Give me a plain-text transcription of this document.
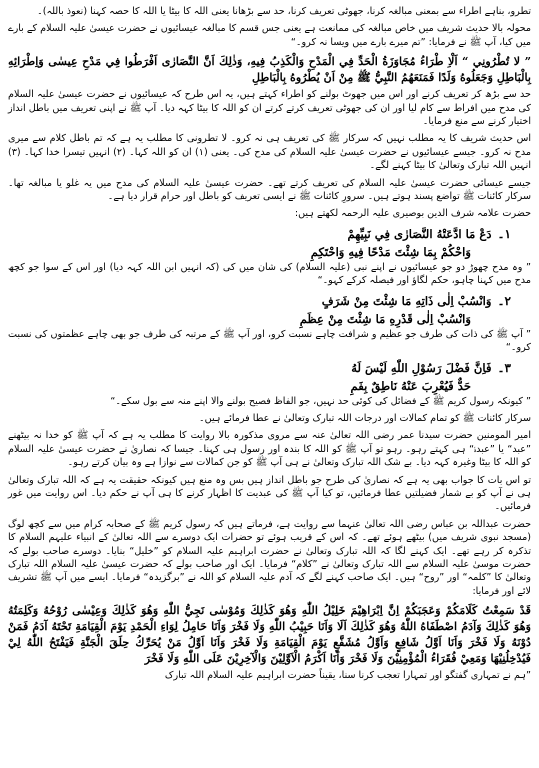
تطرو، بناہے اطراء سے بمعنی مبالغہ کرنا، جھوٹی تعریف کرنا، حد سے بڑھانا یعنی اللہ کا بیٹا یا اللہ کا حصہ کہنا (نعوذ باللہ)۔

محولہ بالا حدیث شریف میں خاص مبالغہ کی ممانعت ہے یعنی جس قسم کا مبالغہ عیسائیوں نے حضرت عیسیٰ علیہ السلام کے بارے میں کیا، آپ ﷺ نے فرمایا: ”تم میرے بارے میں ویسا نہ کرو۔“

” لا تُطْرُونِي “ اَلْاِ طْرَاءُ مُجَاوَزَةُ الْحَدِّ فِي الْمَدْحِ وَالْكَذِبُ فِيهِ، وَذٰلِكَ اَنَّ النَّصَارٰى اَفْرَطُوا فِي مَدْحِ عِيسٰى وَاِطْرَائِهِ بِالْبَاطِلِ وَجَعَلُوهُ وَلَدًا فَمَنَعَهُمُ النَّبِيُّ ﷺ مِنْ اَنْ يُطْرُوهُ بِالْبَاطِلِ

حد سے بڑھ کر تعریف کرنے اور اس میں جھوٹ بولنے کو اطراء کہتے ہیں، یہ اس طرح کہ عیسائیوں نے حضرت عیسیٰ علیہ السلام کی مدح میں افراط سے کام لیا اور ان کی جھوٹی تعریف کرتے کرتے ان کو اللہ کا بیٹا کہہ دیا۔ آپ ﷺ نے اپنی تعریف میں باطل انداز اختیار کرنے سے منع فرمایا۔

اس حدیث شریف کا یہ مطلب نہیں کہ سرکار ﷺ کی تعریف ہی نہ کرو۔ لا تطرونی کا مطلب یہ ہے کہ تم باطل کلام سے میری مدح نہ کرو۔ جیسے عیسائیوں نے حضرت عیسیٰ علیہ السلام کی مدح کی۔ یعنی (۱) ان کو اللہ کہا۔ (۲) انہیں تیسرا خدا کہا۔ (۳) انہیں اللہ تبارک وتعالیٰ کا بیٹا کہنے لگے۔

جیسے عیسائی حضرت عیسیٰ علیہ السلام کی تعریف کرتے تھے۔ حضرت عیسیٰ علیہ السلام کی مدح میں یہ غلو یا مبالغہ تھا۔ سرکار کائنات ﷺ تواضع پسند ہوتے ہیں۔ سرورِ کائنات ﷺ نے ایسی تعریف کو باطل اور حرام قرار دیا ہے۔

حضرت علامہ شرف الدین بوصیری علیہ الرحمہ لکھتے ہیں:

۱۔دَعْ مَا ادَّعَتْهُ النَّصَارٰى فِي نَبِيِّهِمْ

وَاحْكُمْ بِمَا شِئْتَ مَدْحًا فِيهِ وَاحْتَكِمِ

” وہ مدح چھوڑ دو جو عیسائیوں نے اپنے نبی (علیہ السلام) کی شان میں کی (کہ انہیں ابن اللہ کہہ دیا) اور اس کے سوا جو کچھ مدح میں کہنا چاہو، حکم لگاؤ اور فیصلہ کرکے کہو۔“

۲۔وَانْسُبْ اِلٰى ذَاتِهِ مَا شِئْتَ مِنْ شَرَفٍ

وَانْسُبْ اِلٰى قَدْرِهِ مَا شِئْتَ مِنْ عِظَمِ

” آپ ﷺ کی ذات کی طرف جو عظیم و شرافت چاہے نسبت کرو، اور آپ ﷺ کے مرتبہ کی طرف جو بھی چاہے عظمتوں کی نسبت کرو۔“

۳۔فَاِنَّ فَضْلَ رَسُوْلِ اللّٰهِ لَيْسَ لَهُ

حَدٌّ فَيُعْرِبَ عَنْهُ نَاطِقٌ بِفَمِ

” کیونکہ رسول کریم ﷺ کے فضائل کی کوئی حد نہیں، جو الفاظ فصیح بولنے والا اپنے منہ سے بول سکے۔“

سرکار کائنات ﷺ کو تمام کمالات اور درجات اللہ تبارک وتعالیٰ نے عطا فرمائے ہیں۔

امیر المومنین حضرت سیدنا عمر رضی اللہ تعالیٰ عنہ سے مروی مذکورہ بالا روایت کا مطلب یہ ہے کہ آپ ﷺ کو خدا نہ بیٹھنے ”عبد“ یا ”عبدہٗ“ ہی کہتے رہو۔ رہو تو آپ ﷺ کو اللہ کا بندہ اور رسول ہی کہنا۔ جیسا کہ نصاریٰ نے حضرت عیسیٰ علیہ السلام کو اللہ کا بیٹا وغیرہ کہہ دیا۔ بے شک اللہ تبارک وتعالیٰ نے ہی آپ ﷺ کو جن کمالات سے نوازا ہے وہ بیان کرتے رہو۔

تو اس بات کا جواب بھی یہ ہے کہ نصاریٰ کی طرح جو باطل انداز ہیں بس وہ منع ہیں کیونکہ حقیقت یہ ہے کہ اللہ تبارک وتعالیٰ ہی نے آپ کو بے شمار فضیلتیں عطا فرمائیں، تو کیا آپ ﷺ کی عبدیت کا اظہار کرنے کا ہی آپ نے حکم دیا۔ اس روایت میں غور فرمائیں۔

حضرت عبداللہ بن عباس رضی اللہ تعالیٰ عنہما سے روایت ہے، فرماتے ہیں کہ رسول کریم ﷺ کے صحابہ کرام میں سے کچھ لوگ (مسجد نبوی شریف میں) بیٹھے ہوئے تھے۔ کہ اس کے قریب ہوئے تو حضرات ایک دوسرے سے اللہ تعالیٰ کے انبیاء علیہم السلام کا تذکرہ کر رہے تھے۔ ایک کہنے لگا کہ اللہ تبارک وتعالیٰ نے حضرت ابراہیم علیہ السلام کو ”خلیل“ بنایا۔ دوسرے صاحب بولے کہ حضرت موسیٰ علیہ السلام سے اللہ تبارک وتعالیٰ نے ”کلام“ فرمایا۔ ایک اور صاحب بولے کہ حضرت عیسیٰ علیہ السلام اللہ تبارک وتعالیٰ کا ”کلمہ“ اور ”روح“ ہیں۔ ایک صاحب کہنے لگے کہ آدم علیہ السلام کو اللہ نے ”برگزیدہ“ فرمایا۔ ایسے میں آپ ﷺ تشریف لائے اور فرمایا:

قَدْ سَمِعْتُ كَلَامَكُمْ وَعَجَبَكُمْ اِنَّ اِبْرَاهِيْمَ خَلِيْلُ اللّٰهِ وَهُوَ كَذٰلِكَ وَمُوْسٰى نَجِيُّ اللّٰهِ وَهُوَ كَذٰلِكَ وَعِيْسٰى رُوْحُهُ وَكَلِمَتُهُ وَهُوَ كَذٰلِكَ وَآدَمُ اصْطَفَاهُ اللّٰهُ وَهُوَ كَذٰلِكَ اَلَا وَاَنَا حَبِيْبُ اللّٰهِ وَلَا فَخْرَ وَاَنَا حَامِلُ لِوَاءِ الْحَمْدِ يَوْمَ الْقِيَامَةِ تَحْتَهُ آدَمُ فَمَنْ دُوْنَهُ وَلَا فَخْرَ وَاَنَا اَوَّلُ شَافِعٍ وَاَوَّلُ مُشَفَّعٍ يَوْمَ الْقِيَامَةِ وَلَا فَخْرَ وَاَنَا اَوَّلُ مَنْ يُحَرِّكُ حِلَقَ الْجَنَّةِ فَيَفْتَحُ اللّٰهُ لِيْ فَيُدْخِلُنِيْهَا وَمَعِيْ فُقَرَاءُ الْمُؤْمِنِيْنَ وَلَا فَخْرَ وَاَنَا اَكْرَمُ الْاَوَّلِيْنَ وَالْآخِرِيْنَ عَلَى اللّٰهِ وَلَا فَخْرَ

”ہم نے تمہاری گفتگو اور تمہارا تعجب کرنا سنا، یقیناً حضرت ابراہیم علیہ السلام اللہ تبارک
